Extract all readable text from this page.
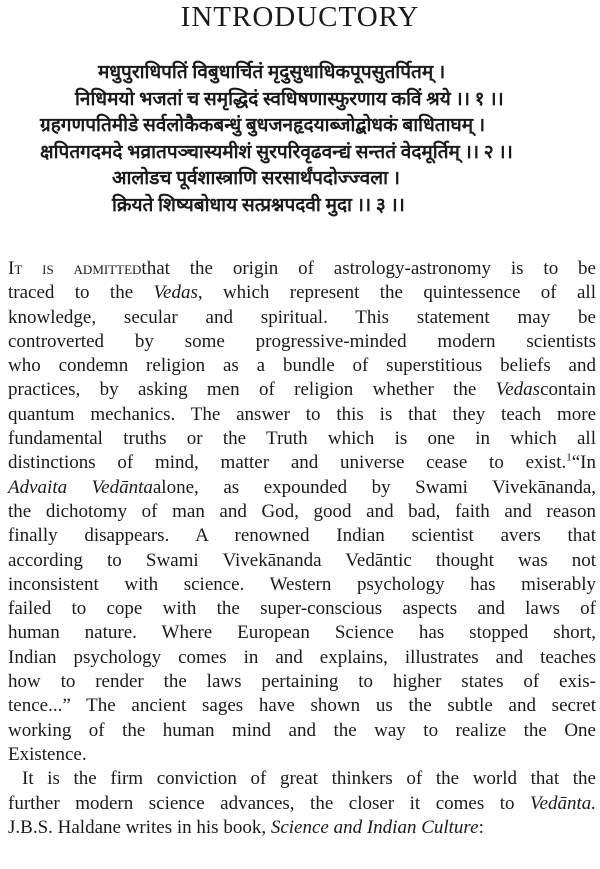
INTRODUCTORY
मधुपुराधिपतिं विबुधार्चितं मृदुसुधाधिकपूपसुतर्पितम् ।
निधिमयो भजतां च समृद्धिदं स्वधिषणास्फुरणाय कविं श्रये ।। १ ।।
ग्रहगणपतिमीडे सर्वलोकैकबन्धुं बुधजनहृदयाब्जोद्बोधकं बाधिताघम् ।
क्षपितगदमदे भव्रातपञ्चास्यमीशं सुरपरिवृढवन्द्यं सन्ततं वेदमूर्तिम् ।। २ ।।
आलोडच पूर्वशास्त्राणि सरसार्थंपदोज्ज्वला ।
क्रियते शिष्यबोधाय सत्प्रश्नपदवी मुदा ।। ३ ।।
It is admittedthat the origin of astrology-astronomy is to be
traced to the Vedas, which represent the quintessence of all
knowledge, secular and spiritual. This statement may be
controverted by some progressive-minded modern scientists
who condemn religion as a bundle of superstitious beliefs and
practices, by asking men of religion whether the Vedascontain
quantum mechanics. The answer to this is that they teach more
fundamental truths or the Truth which is one in which all
distinctions of mind, matter and universe cease to exist.$^1$“In
Advaita Vedāntaalone, as expounded by Swami Vivekānanda,
the dichotomy of man and God, good and bad, faith and reason
finally disappears. A renowned Indian scientist avers that
according to Swami Vivekānanda Vedāntic thought was not
inconsistent with science. Western psychology has miserably
failed to cope with the super-conscious aspects and laws of
human nature. Where European Science has stopped short,
Indian psychology comes in and explains, illustrates and teaches
how to render the laws pertaining to higher states of exis-
tence...” The ancient sages have shown us the subtle and secret
working of the human mind and the way to realize the One
Existence.
It is the firm conviction of great thinkers of the world that the
further modern science advances, the closer it comes to Vedānta.
J.B.S. Haldane writes in his book, Science and Indian Culture:
